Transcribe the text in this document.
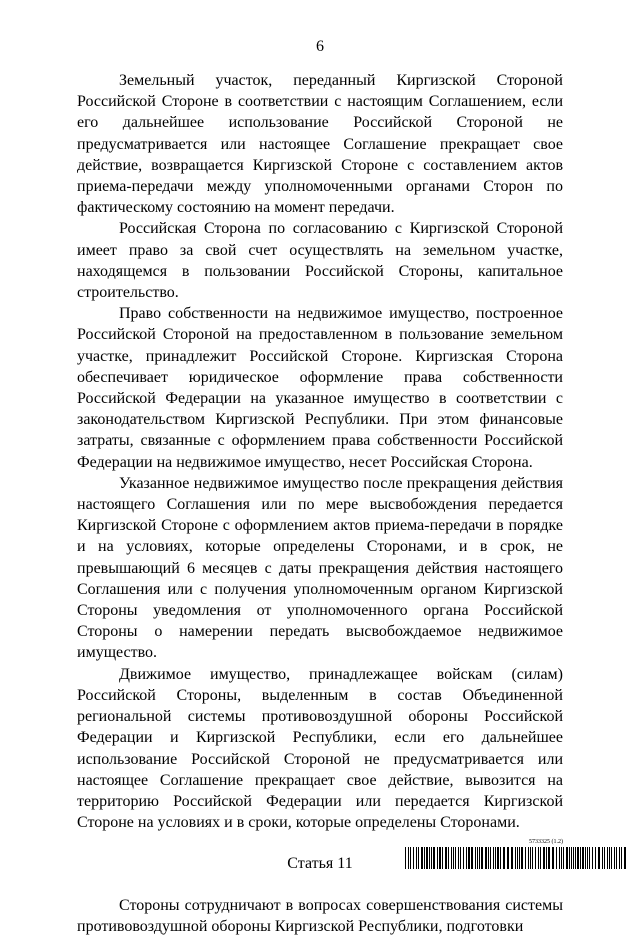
6

Земельный участок, переданный Киргизской Стороной Российской Стороне в соответствии с настоящим Соглашением, если его дальнейшее использование Российской Стороной не предусматривается или настоящее Соглашение прекращает свое действие, возвращается Киргизской Стороне с составлением актов приема-передачи между уполномоченными органами Сторон по фактическому состоянию на момент передачи.

Российская Сторона по согласованию с Киргизской Стороной имеет право за свой счет осуществлять на земельном участке, находящемся в пользовании Российской Стороны, капитальное строительство.

Право собственности на недвижимое имущество, построенное Российской Стороной на предоставленном в пользование земельном участке, принадлежит Российской Стороне. Киргизская Сторона обеспечивает юридическое оформление права собственности Российской Федерации на указанное имущество в соответствии с законодательством Киргизской Республики. При этом финансовые затраты, связанные с оформлением права собственности Российской Федерации на недвижимое имущество, несет Российская Сторона.

Указанное недвижимое имущество после прекращения действия настоящего Соглашения или по мере высвобождения передается Киргизской Стороне с оформлением актов приема-передачи в порядке и на условиях, которые определены Сторонами, и в срок, не превышающий 6 месяцев с даты прекращения действия настоящего Соглашения или с получения уполномоченным органом Киргизской Стороны уведомления от уполномоченного органа Российской Стороны о намерении передать высвобождаемое недвижимое имущество.

Движимое имущество, принадлежащее войскам (силам) Российской Стороны, выделенным в состав Объединенной региональной системы противовоздушной обороны Российской Федерации и Киргизской Республики, если его дальнейшее использование Российской Стороной не предусматривается или настоящее Соглашение прекращает свое действие, вывозится на территорию Российской Федерации или передается Киргизской Стороне на условиях и в сроки, которые определены Сторонами.

Статья 11

Стороны сотрудничают в вопросах совершенствования системы противовоздушной обороны Киргизской Республики, подготовки

5733325 (1.2)
